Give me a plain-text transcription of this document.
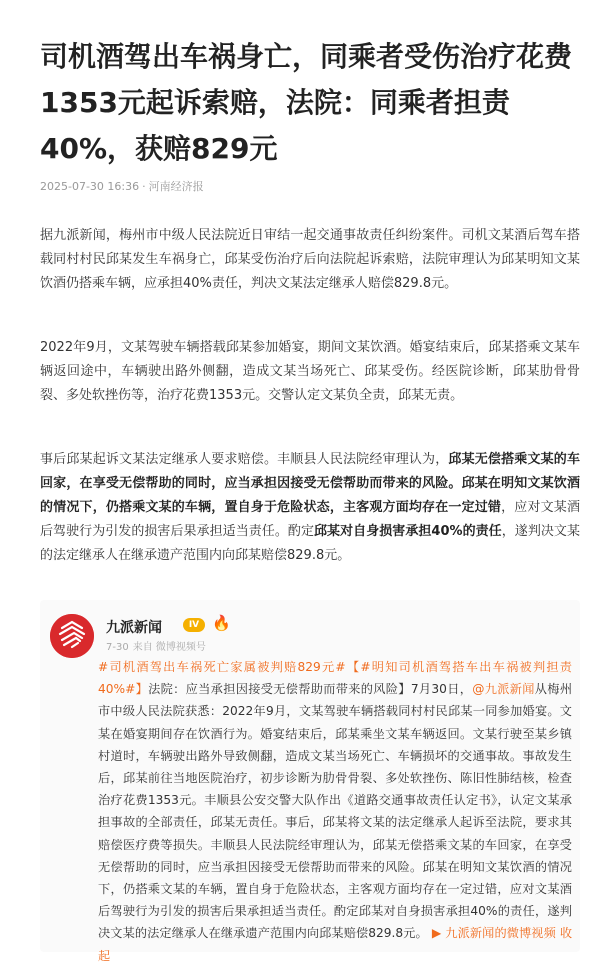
司机酒驾出车祸身亡，同乘者受伤治疗花费1353元起诉索赔，法院：同乘者担责40%，获赔829元
2025-07-30 16:36 · 河南经济报

据九派新闻，梅州市中级人民法院近日审结一起交通事故责任纠纷案件。司机文某酒后驾车搭载同村村民邱某发生车祸身亡，邱某受伤治疗后向法院起诉索赔，法院审理认为邱某明知文某饮酒仍搭乘车辆，应承担40%责任，判决文某法定继承人赔偿829.8元。

2022年9月，文某驾驶车辆搭载邱某参加婚宴，期间文某饮酒。婚宴结束后，邱某搭乘文某车辆返回途中，车辆驶出路外侧翻，造成文某当场死亡、邱某受伤。经医院诊断，邱某肋骨骨裂、多处软挫伤等，治疗花费1353元。交警认定文某负全责，邱某无责。

事后邱某起诉文某法定继承人要求赔偿。丰顺县人民法院经审理认为，邱某无偿搭乘文某的车回家，在享受无偿帮助的同时，应当承担因接受无偿帮助而带来的风险。邱某在明知文某饮酒的情况下，仍搭乘文某的车辆，置自身于危险状态，主客观方面均存在一定过错，应对文某酒后驾驶行为引发的损害后果承担适当责任。酌定邱某对自身损害承担40%的责任，遂判决文某的法定继承人在继承遗产范围内向邱某赔偿829.8元。

九派新闻	IV 🔥
7-30 来自 微博视频号

#司机酒驾出车祸死亡家属被判赔829元#【#明知司机酒驾搭车出车祸被判担责40%#】法院：应当承担因接受无偿帮助而带来的风险】7月30日，@九派新闻从梅州市中级人民法院获悉：2022年9月，文某驾驶车辆搭载同村村民邱某一同参加婚宴。文某在婚宴期间存在饮酒行为。婚宴结束后，邱某乘坐文某车辆返回。文某行驶至某乡镇村道时，车辆驶出路外导致侧翻，造成文某当场死亡、车辆损坏的交通事故。事故发生后，邱某前往当地医院治疗，初步诊断为肋骨骨裂、多处软挫伤、陈旧性肺结核，检查治疗花费1353元。丰顺县公安交警大队作出《道路交通事故责任认定书》，认定文某承担事故的全部责任，邱某无责任。事后，邱某将文某的法定继承人起诉至法院，要求其赔偿医疗费等损失。丰顺县人民法院经审理认为，邱某无偿搭乘文某的车回家，在享受无偿帮助的同时，应当承担因接受无偿帮助而带来的风险。邱某在明知文某饮酒的情况下，仍搭乘文某的车辆，置自身于危险状态，主客观方面均存在一定过错，应对文某酒后驾驶行为引发的损害后果承担适当责任。酌定邱某对自身损害承担40%的责任，遂判决文某的法定继承人在继承遗产范围内向邱某赔偿829.8元。 ▶ 九派新闻的微博视频 收起
